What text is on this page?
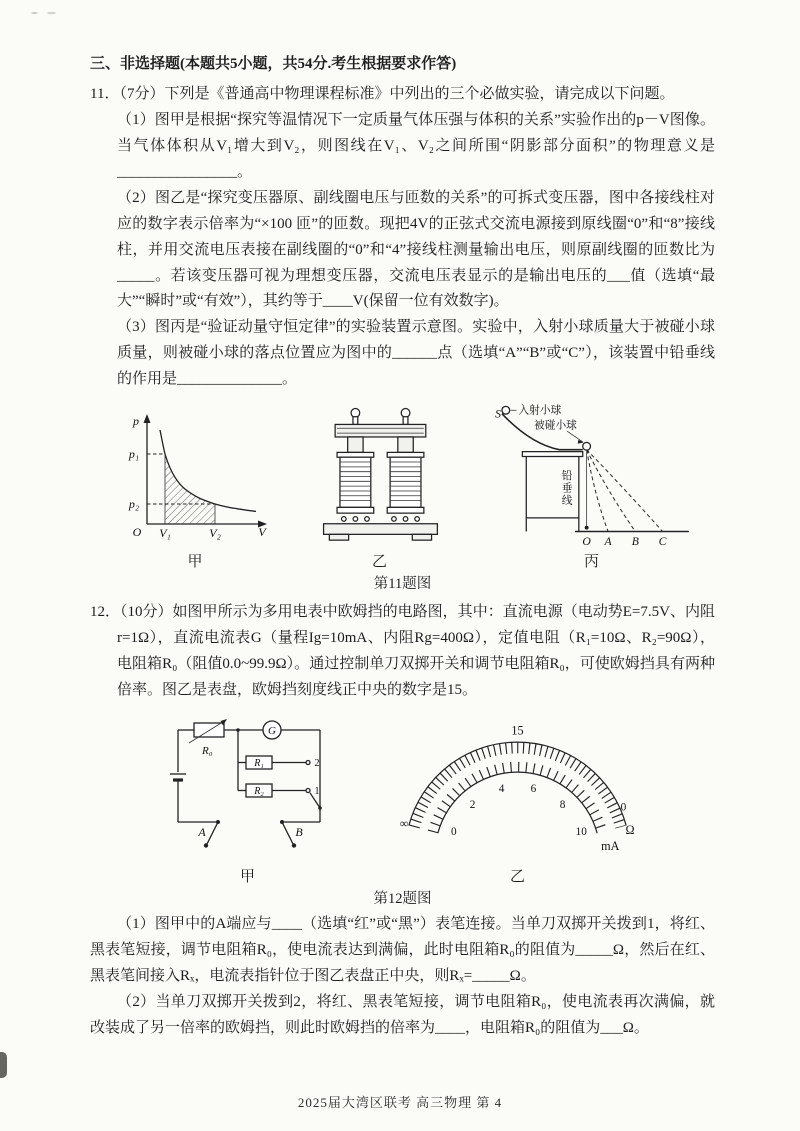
三、非选择题(本题共5小题，共54分.考生根据要求作答)

11．（7分）下列是《普通高中物理课程标准》中列出的三个必做实验，请完成以下问题。

（1）图甲是根据“探究等温情况下一定质量气体压强与体积的关系”实验作出的p－V图像。当气体体积从V₁增大到V₂，则图线在V₁、V₂之间所围“阴影部分面积”的物理意义是________________。

（2）图乙是“探究变压器原、副线圈电压与匝数的关系”的可拆式变压器，图中各接线柱对应的数字表示倍率为“×100 匝”的匝数。现把4V的正弦式交流电源接到原线圈“0”和“8”接线柱，并用交流电压表接在副线圈的“0”和“4”接线柱测量输出电压，则原副线圈的匝数比为_____。若该变压器可视为理想变压器，交流电压表显示的是输出电压的___值（选填“最大”“瞬时”或“有效”），其约等于____V(保留一位有效数字)。

（3）图丙是“验证动量守恒定律”的实验装置示意图。实验中，入射小球质量大于被碰小球质量，则被碰小球的落点位置应为图中的______点（选填“A”“B”或“C”），该装置中铅垂线的作用是______________。

p
V
O
p₁
p₂
V₁	V₂
甲	乙
S 入射小球
被碰小球
铅
垂
线
O A B C
丙
第11题图

12．（10分）如图甲所示为多用电表中欧姆挡的电路图，其中：直流电源（电动势E=7.5V、内阻r=1Ω），直流电流表G（量程Ig=10mA、内阻Rg=400Ω），定值电阻（R₁=10Ω、R₂=90Ω），电阻箱R₀（阻值0.0~99.9Ω）。通过控制单刀双掷开关和调节电阻箱R₀，可使欧姆挡具有两种倍率。图乙是表盘，欧姆挡刻度线正中央的数字是15。

R₀
G
R₁	2
R₂	1
B
A
甲
15
0
Ω
∞
0
2
4 6
8
10
mA
乙
第12题图

（1）图甲中的A端应与____（选填“红”或“黑”）表笔连接。当单刀双掷开关拨到1，将红、黑表笔短接，调节电阻箱R₀，使电流表达到满偏，此时电阻箱R₀的阻值为_____Ω，然后在红、黑表笔间接入Rₓ，电流表指针位于图乙表盘正中央，则Rₓ=_____Ω。

（2）当单刀双掷开关拨到2，将红、黑表笔短接，调节电阻箱R₀，使电流表再次满偏，就改装成了另一倍率的欧姆挡，则此时欧姆挡的倍率为____，电阻箱R₀的阻值为___Ω。

2025届大湾区联考 高三物理 第 4
